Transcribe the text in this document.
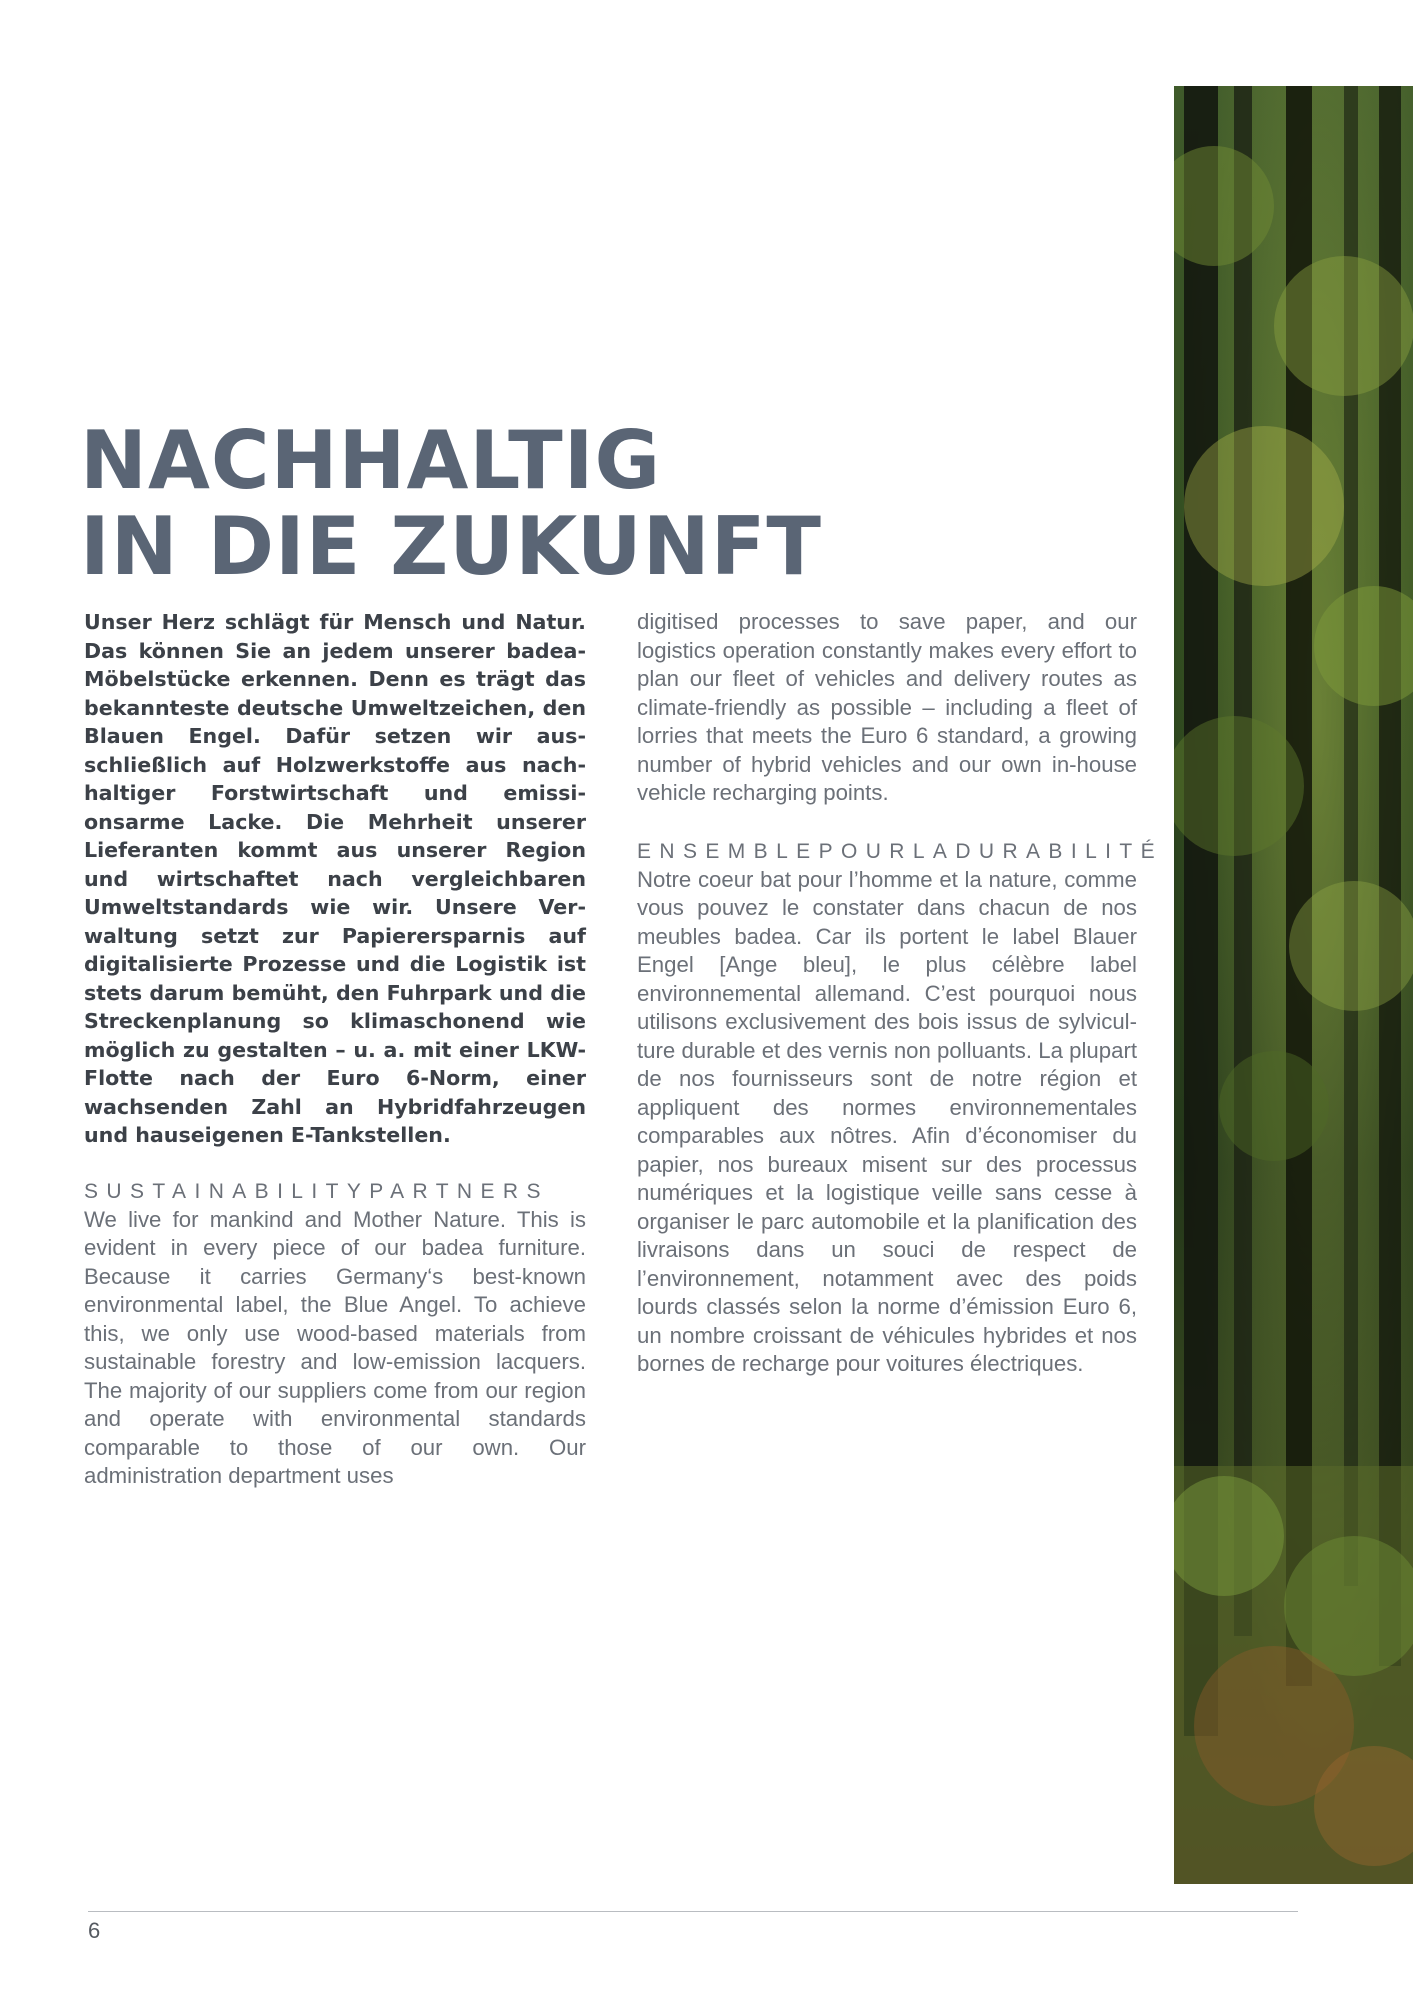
NACHHALTIG
IN DIE ZUKUNFT

Unser Herz schlägt für Mensch und Natur. Das können Sie an jedem unserer badea-Möbelstücke erkennen. Denn es trägt das bekannteste deutsche Umweltzeichen, den Blauen Engel. Dafür setzen wir ausschließlich auf Holzwerkstoffe aus nachhaltiger Forstwirtschaft und emissionsarme Lacke. Die Mehrheit unserer Lieferanten kommt aus unserer Region und wirtschaftet nach vergleichbaren Umweltstandards wie wir. Unsere Verwaltung setzt zur Papierersparnis auf digitalisierte Prozesse und die Logistik ist stets darum bemüht, den Fuhrpark und die Streckenplanung so klimaschonend wie möglich zu gestalten – u. a. mit einer LKW-Flotte nach der Euro 6-Norm, einer wachsenden Zahl an Hybridfahrzeugen und hauseigenen E-Tankstellen.

SUSTAINABILITYPARTNERS

We live for mankind and Mother Nature. This is evident in every piece of our badea furniture. Because it carries Germany‘s best-known environmental label, the Blue Angel. To achieve this, we only use wood-based materials from sustainable forestry and low-emission lacquers. The majority of our suppliers come from our region and operate with environmental standards comparable to those of our own. Our administration department uses

digitised processes to save paper, and our logistics operation constantly makes every effort to plan our fleet of vehicles and delivery routes as climate-friendly as possible – including a fleet of lorries that meets the Euro 6 standard, a growing number of hybrid vehicles and our own in-house vehicle recharging points.

ENSEMBLEPOURLADURABILITÉ

Notre coeur bat pour l’homme et la nature, comme vous pouvez le constater dans chacun de nos meubles badea. Car ils portent le label Blauer Engel [Ange bleu], le plus célèbre label environnemental allemand. C’est pourquoi nous utilisons exclusivement des bois issus de sylviculture durable et des vernis non polluants. La plupart de nos fournisseurs sont de notre région et appliquent des normes environnementales comparables aux nôtres. Afin d’économiser du papier, nos bureaux misent sur des processus numériques et la logistique veille sans cesse à organiser le parc automobile et la planification des livraisons dans un souci de respect de l’environnement, notamment avec des poids lourds classés selon la norme d’émission Euro 6, un nombre croissant de véhicules hybrides et nos bornes de recharge pour voitures électriques.

6
